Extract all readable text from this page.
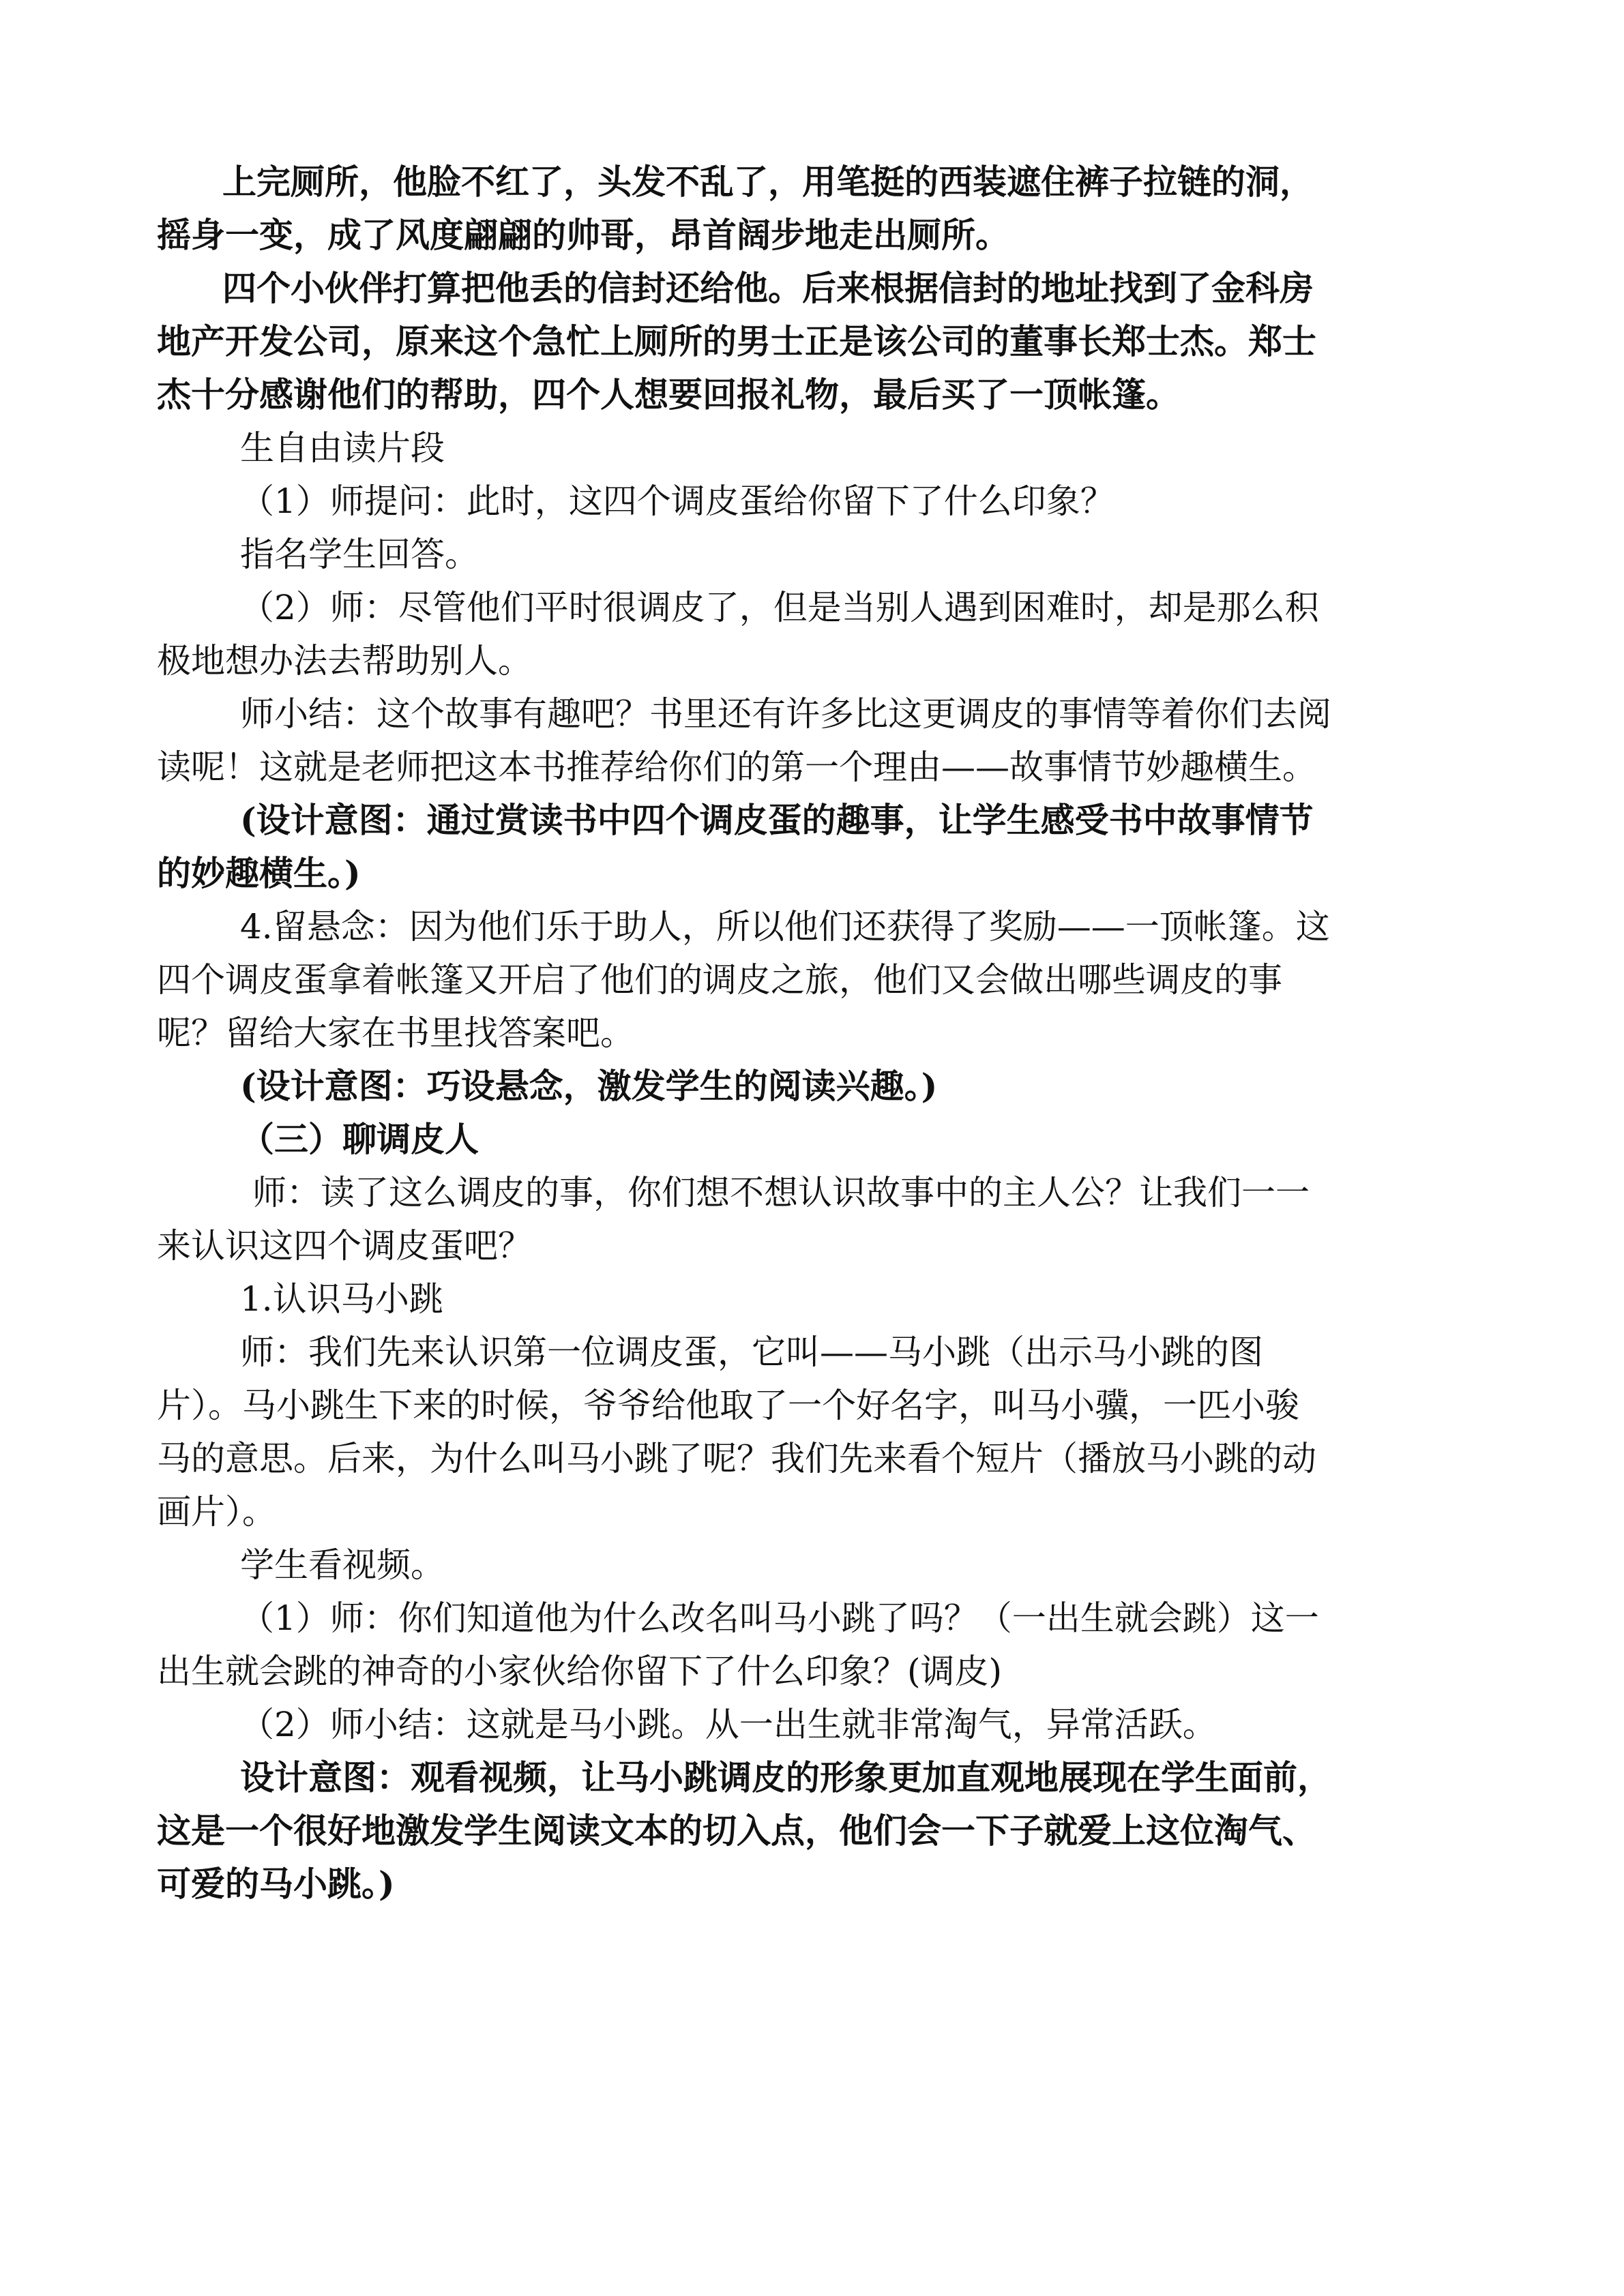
上完厕所，他脸不红了，头发不乱了，用笔挺的西装遮住裤子拉链的洞，

摇身一变，成了风度翩翩的帅哥，昂首阔步地走出厕所。

四个小伙伴打算把他丢的信封还给他。后来根据信封的地址找到了金科房

地产开发公司，原来这个急忙上厕所的男士正是该公司的董事长郑士杰。郑士

杰十分感谢他们的帮助，四个人想要回报礼物，最后买了一顶帐篷。

生自由读片段

（1）师提问：此时，这四个调皮蛋给你留下了什么印象？

指名学生回答。

（2）师：尽管他们平时很调皮了，但是当别人遇到困难时，却是那么积

极地想办法去帮助别人。

师小结：这个故事有趣吧？书里还有许多比这更调皮的事情等着你们去阅

读呢！这就是老师把这本书推荐给你们的第一个理由——故事情节妙趣横生。

(设计意图：通过赏读书中四个调皮蛋的趣事，让学生感受书中故事情节

的妙趣横生。)

4.留悬念：因为他们乐于助人，所以他们还获得了奖励——一顶帐篷。这

四个调皮蛋拿着帐篷又开启了他们的调皮之旅，他们又会做出哪些调皮的事

呢？留给大家在书里找答案吧。

(设计意图：巧设悬念，激发学生的阅读兴趣。)

（三）聊调皮人

师：读了这么调皮的事，你们想不想认识故事中的主人公？让我们一一

来认识这四个调皮蛋吧？

1.认识马小跳

师：我们先来认识第一位调皮蛋，它叫——马小跳（出示马小跳的图

片）。马小跳生下来的时候，爷爷给他取了一个好名字，叫马小骥，一匹小骏

马的意思。后来，为什么叫马小跳了呢？我们先来看个短片（播放马小跳的动

画片）。

学生看视频。

（1）师：你们知道他为什么改名叫马小跳了吗？（一出生就会跳）这一

出生就会跳的神奇的小家伙给你留下了什么印象？(调皮)

（2）师小结：这就是马小跳。从一出生就非常淘气，异常活跃。

设计意图：观看视频，让马小跳调皮的形象更加直观地展现在学生面前，

这是一个很好地激发学生阅读文本的切入点，他们会一下子就爱上这位淘气、

可爱的马小跳。)
